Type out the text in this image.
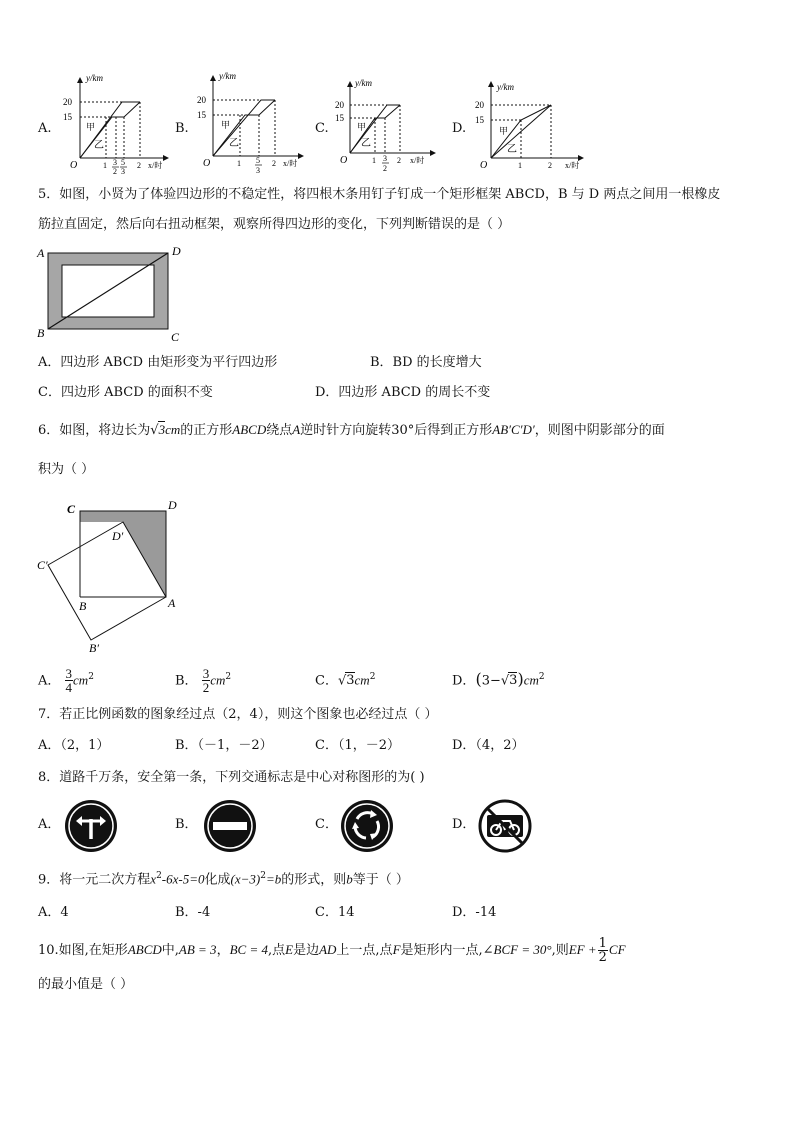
A.
y/km
20
15
甲
乙
O	1 3
2
5
3
2 x/时
B.
y/km
20
15
甲
乙
O	1 5
3
2 x/时
C.
y/km
20
15
甲
乙
O	1 3
2
2 x/时
D.
y/km
20
15
甲
乙
O	1	2 x/时
5．如图，小贤为了体验四边形的不稳定性，将四根木条用钉子钉成一个矩形框架 ABCD，B 与 D 两点之间用一根橡皮
筋拉直固定，然后向右扭动框架，观察所得四边形的变化，下列判断错误的是（ ）
A	D
B	C
A．四边形 ABCD 由矩形变为平行四边形	B．BD 的长度增大
C．四边形 ABCD 的面积不变	D．四边形 ABCD 的周长不变
6．如图，将边长为√3cm的正方形ABCD绕点A逆时针方向旋转30°后得到正方形AB′C′D′，则图中阴影部分的面
积为（ ）
C	D
D′
C′
B	A
B′
A． $\frac{3}{4} cm^2$	B． $\frac{3}{2} cm^2$	C．$√3cm^2$	D．$(3-√3)cm^2$
7．若正比例函数的图象经过点（2，4），则这个图象也必经过点（ ）
A．（2，1）	B．（－1，－2）	C．（1，－2）	D．（4，2）
8．道路千万条，安全第一条，下列交通标志是中心对称图形的为( )
A．	B．	C．	D．
9．将一元二次方程$x^2-6x-5=0$化成$(x-3)^2=b$的形式，则b等于（ ）
A．4	B．-4	C．14	D．-14
10.如图,在矩形ABCD中,AB = 3，BC = 4,点E是边AD上一点,点F是矩形内一点,∠BCF = 30°,则EF + $\frac{1}{2}$ CF
的最小值是（ ）
